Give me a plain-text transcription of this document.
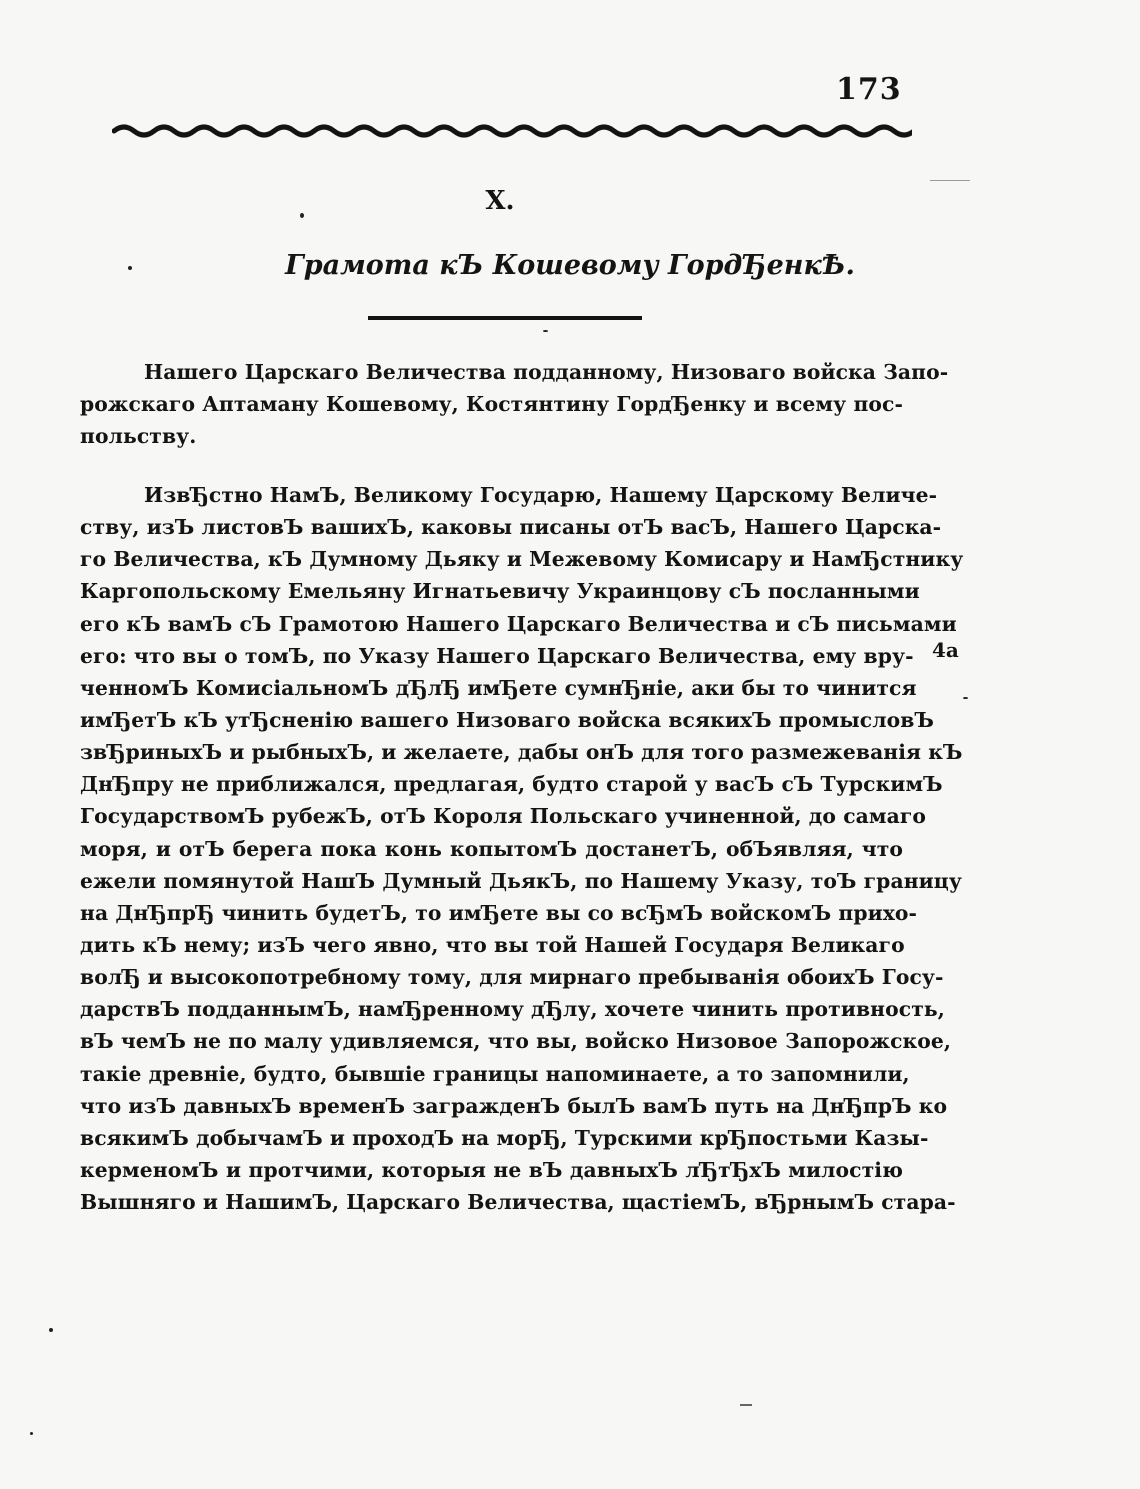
173
X.
Грамота кЪ Кошевому ГордЂенкѢ.
Нашего Царскаго Величества подданному, Низоваго войска Запо-
рожскаго Аптаману Кошевому, Костянтину ГордЂенку и всему пос-
польству.
ИзвЂстно НамЪ, Великому Государю, Нашему Царскому Величе-
ству, изЪ листовЪ вашихЪ, каковы писаны отЪ васЪ, Нашего Царска-
го Величества, кЪ Думному Дьяку и Межевому Комисару и НамЂстнику
Каргопольскому Емельяну Игнатьевичу Украинцову сЪ посланными
его кЪ вамЪ сЪ Грамотою Нашего Царскаго Величества и сЪ письмами
его: что вы о томЪ, по Указу Нашего Царскаго Величества, ему вру-
ченномЪ КомисiальномЪ дЂлЂ имЂете сумнЂнiе, аки бы то чинится
имЂетЪ кЪ утЂсненiю вашего Низоваго войска всякихЪ промысловЪ
звЂриныхЪ и рыбныхЪ, и желаете, дабы онЪ для того размежеванiя кЪ
ДнЂпру не приближался, предлагая, будто старой у васЪ сЪ ТурскимЪ
ГосударствомЪ рубежЪ, отЪ Короля Польскаго учиненной, до самаго
моря, и отЪ берега пока конь копытомЪ достанетЪ, обЪявляя, что
ежели помянутой НашЪ Думный ДьякЪ, по Нашему Указу, тоЪ границу
на ДнЂпрЂ чинить будетЪ, то имЂете вы со всЂмЪ войскомЪ прихо-
дить кЪ нему; изЪ чего явно, что вы той Нашей Государя Великаго
волЂ и высокопотребному тому, для мирнаго пребыванiя обоихЪ Госу-
дарствЪ подданнымЪ, намЂренному дЂлу, хочете чинить противность,
вЪ чемЪ не по малу удивляемся, что вы, войско Низовое Запорожское,
такiе древнiе, будто, бывшiе границы напоминаете, а то запомнили,
что изЪ давныхЪ временЪ загражденЪ былЪ вамЪ путь на ДнЂпрЪ ко
всякимЪ добычамЪ и проходЪ на морЂ, Турскими крЂпостьми Казы-
керменомЪ и протчими, которыя не вЪ давныхЪ лЂтЂхЪ милостiю
Вышняго и НашимЪ, Царскаго Величества, щастiемЪ, вЂрнымЪ стара-
4a
